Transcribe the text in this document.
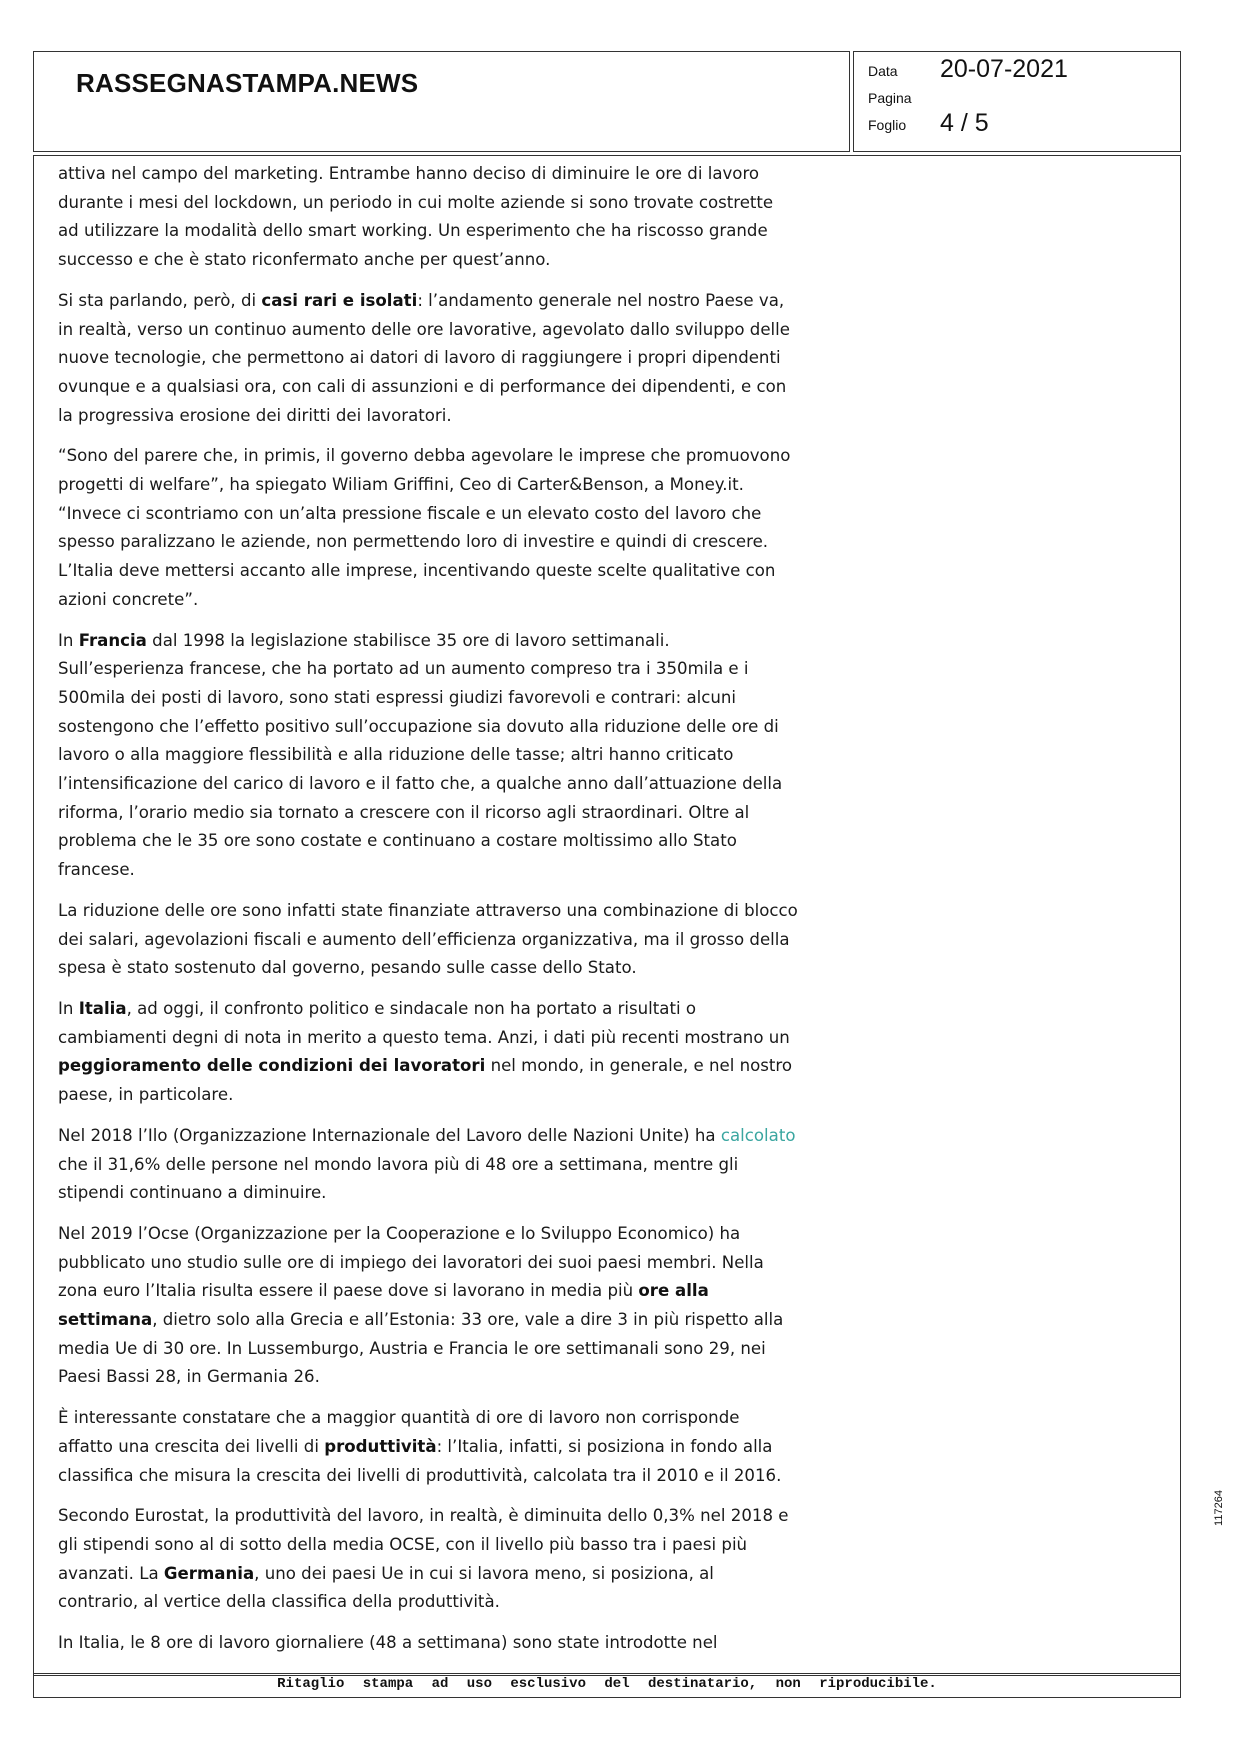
RASSEGNASTAMPA.NEWS	Data 20-07-2021
Pagina
Foglio 4 / 5

attiva nel campo del marketing. Entrambe hanno deciso di diminuire le ore di lavoro durante i mesi del lockdown, un periodo in cui molte aziende si sono trovate costrette ad utilizzare la modalità dello smart working. Un esperimento che ha riscosso grande successo e che è stato riconfermato anche per quest’anno.

Si sta parlando, però, di casi rari e isolati: l’andamento generale nel nostro Paese va, in realtà, verso un continuo aumento delle ore lavorative, agevolato dallo sviluppo delle nuove tecnologie, che permettono ai datori di lavoro di raggiungere i propri dipendenti ovunque e a qualsiasi ora, con cali di assunzioni e di performance dei dipendenti, e con la progressiva erosione dei diritti dei lavoratori.

“Sono del parere che, in primis, il governo debba agevolare le imprese che promuovono progetti di welfare”, ha spiegato Wiliam Griffini, Ceo di Carter&Benson, a Money.it. “Invece ci scontriamo con un’alta pressione fiscale e un elevato costo del lavoro che spesso paralizzano le aziende, non permettendo loro di investire e quindi di crescere. L’Italia deve mettersi accanto alle imprese, incentivando queste scelte qualitative con azioni concrete”.

In Francia dal 1998 la legislazione stabilisce 35 ore di lavoro settimanali. Sull’esperienza francese, che ha portato ad un aumento compreso tra i 350mila e i 500mila dei posti di lavoro, sono stati espressi giudizi favorevoli e contrari: alcuni sostengono che l’effetto positivo sull’occupazione sia dovuto alla riduzione delle ore di lavoro o alla maggiore flessibilità e alla riduzione delle tasse; altri hanno criticato l’intensificazione del carico di lavoro e il fatto che, a qualche anno dall’attuazione della riforma, l’orario medio sia tornato a crescere con il ricorso agli straordinari. Oltre al problema che le 35 ore sono costate e continuano a costare moltissimo allo Stato francese.

La riduzione delle ore sono infatti state finanziate attraverso una combinazione di blocco dei salari, agevolazioni fiscali e aumento dell’efficienza organizzativa, ma il grosso della spesa è stato sostenuto dal governo, pesando sulle casse dello Stato.

In Italia, ad oggi, il confronto politico e sindacale non ha portato a risultati o cambiamenti degni di nota in merito a questo tema. Anzi, i dati più recenti mostrano un peggioramento delle condizioni dei lavoratori nel mondo, in generale, e nel nostro paese, in particolare.

Nel 2018 l’Ilo (Organizzazione Internazionale del Lavoro delle Nazioni Unite) ha calcolato che il 31,6% delle persone nel mondo lavora più di 48 ore a settimana, mentre gli stipendi continuano a diminuire.

Nel 2019 l’Ocse (Organizzazione per la Cooperazione e lo Sviluppo Economico) ha pubblicato uno studio sulle ore di impiego dei lavoratori dei suoi paesi membri. Nella zona euro l’Italia risulta essere il paese dove si lavorano in media più ore alla settimana, dietro solo alla Grecia e all’Estonia: 33 ore, vale a dire 3 in più rispetto alla media Ue di 30 ore. In Lussemburgo, Austria e Francia le ore settimanali sono 29, nei Paesi Bassi 28, in Germania 26.

È interessante constatare che a maggior quantità di ore di lavoro non corrisponde affatto una crescita dei livelli di produttività: l’Italia, infatti, si posiziona in fondo alla classifica che misura la crescita dei livelli di produttività, calcolata tra il 2010 e il 2016.

Secondo Eurostat, la produttività del lavoro, in realtà, è diminuita dello 0,3% nel 2018 e gli stipendi sono al di sotto della media OCSE, con il livello più basso tra i paesi più avanzati. La Germania, uno dei paesi Ue in cui si lavora meno, si posiziona, al contrario, al vertice della classifica della produttività.

In Italia, le 8 ore di lavoro giornaliere (48 a settimana) sono state introdotte nel

Ritaglio stampa ad uso esclusivo del destinatario, non riproducibile.
117264
